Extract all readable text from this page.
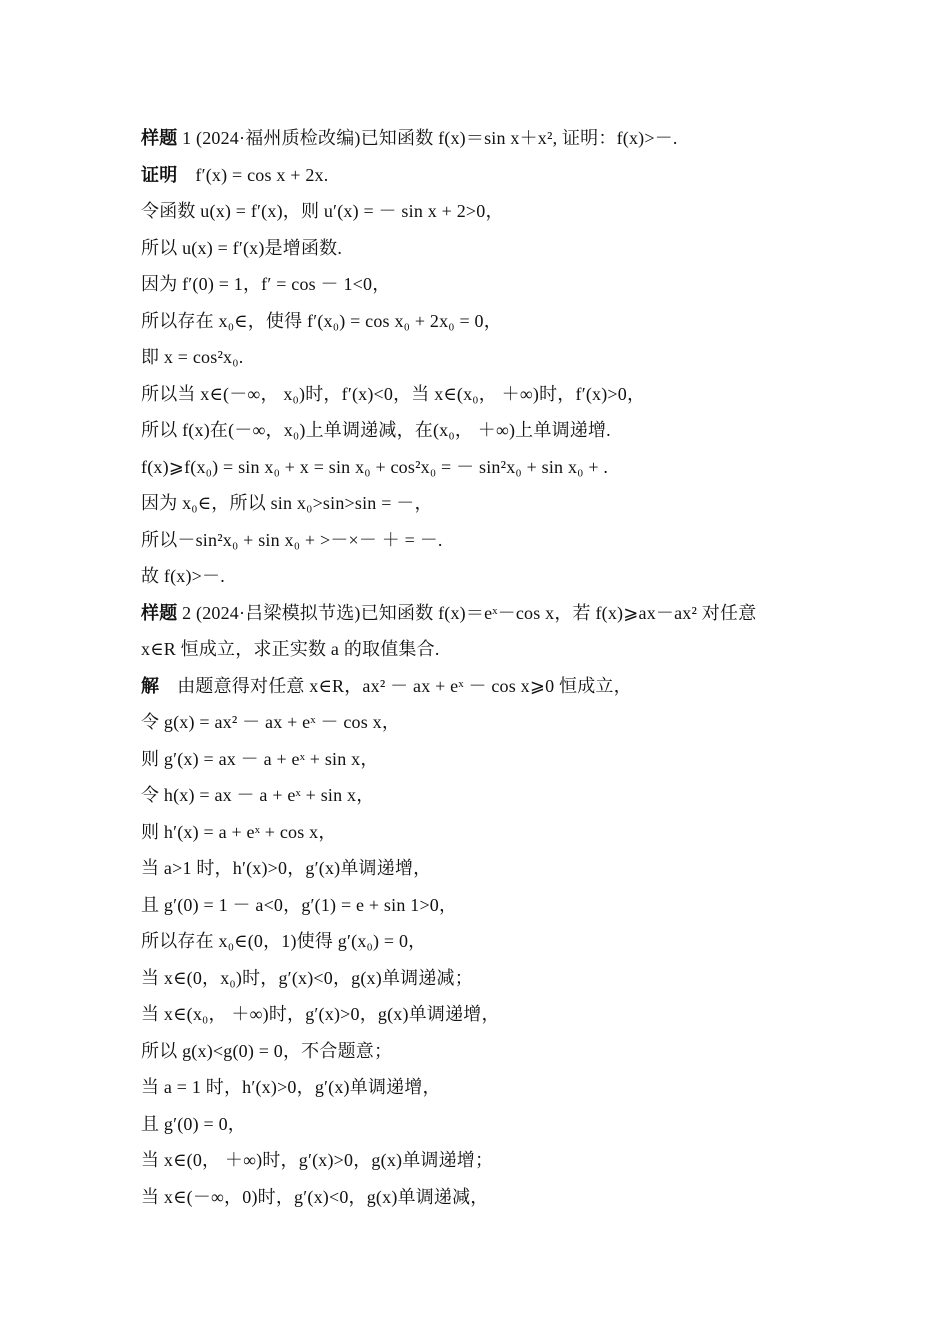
样题 1 (2024·福州质检改编)已知函数 f(x)＝sin x＋x², 证明：f(x)>－.
证明 f′(x) = cos x + 2x.
令函数 u(x) = f′(x)，则 u′(x) = － sin x + 2>0，
所以 u(x) = f′(x)是增函数.
因为 f′(0) = 1，f′ = cos － 1<0，
所以存在 x₀∈，使得 f′(x₀) = cos x₀ + 2x₀ = 0，
即 x = cos²x₀.
所以当 x∈(－∞， x₀)时，f′(x)<0，当 x∈(x₀， ＋∞)时，f′(x)>0，
所以 f(x)在(－∞，x₀)上单调递减，在(x₀， ＋∞)上单调递增.
f(x)⩾f(x₀) = sin x₀ + x = sin x₀ + cos²x₀ = － sin²x₀ + sin x₀ + .
因为 x₀∈，所以 sin x₀>sin>sin = －，
所以－sin²x₀ + sin x₀ + >－×－ ＋ = －.
故 f(x)>－.
样题 2 (2024·吕梁模拟节选)已知函数 f(x)＝eˣ－cos x，若 f(x)⩾ax－ax² 对任意
x∈R 恒成立，求正实数 a 的取值集合.
解 由题意得对任意 x∈R，ax² － ax + eˣ － cos x⩾0 恒成立，
令 g(x) = ax² － ax + eˣ － cos x，
则 g′(x) = ax － a + eˣ + sin x，
令 h(x) = ax － a + eˣ + sin x，
则 h′(x) = a + eˣ + cos x，
当 a>1 时，h′(x)>0，g′(x)单调递增，
且 g′(0) = 1 － a<0，g′(1) = e + sin 1>0，
所以存在 x₀∈(0，1)使得 g′(x₀) = 0，
当 x∈(0，x₀)时，g′(x)<0，g(x)单调递减；
当 x∈(x₀， ＋∞)时，g′(x)>0，g(x)单调递增，
所以 g(x)<g(0) = 0，不合题意；
当 a = 1 时，h′(x)>0，g′(x)单调递增，
且 g′(0) = 0，
当 x∈(0， ＋∞)时，g′(x)>0，g(x)单调递增；
当 x∈(－∞，0)时，g′(x)<0，g(x)单调递减，
